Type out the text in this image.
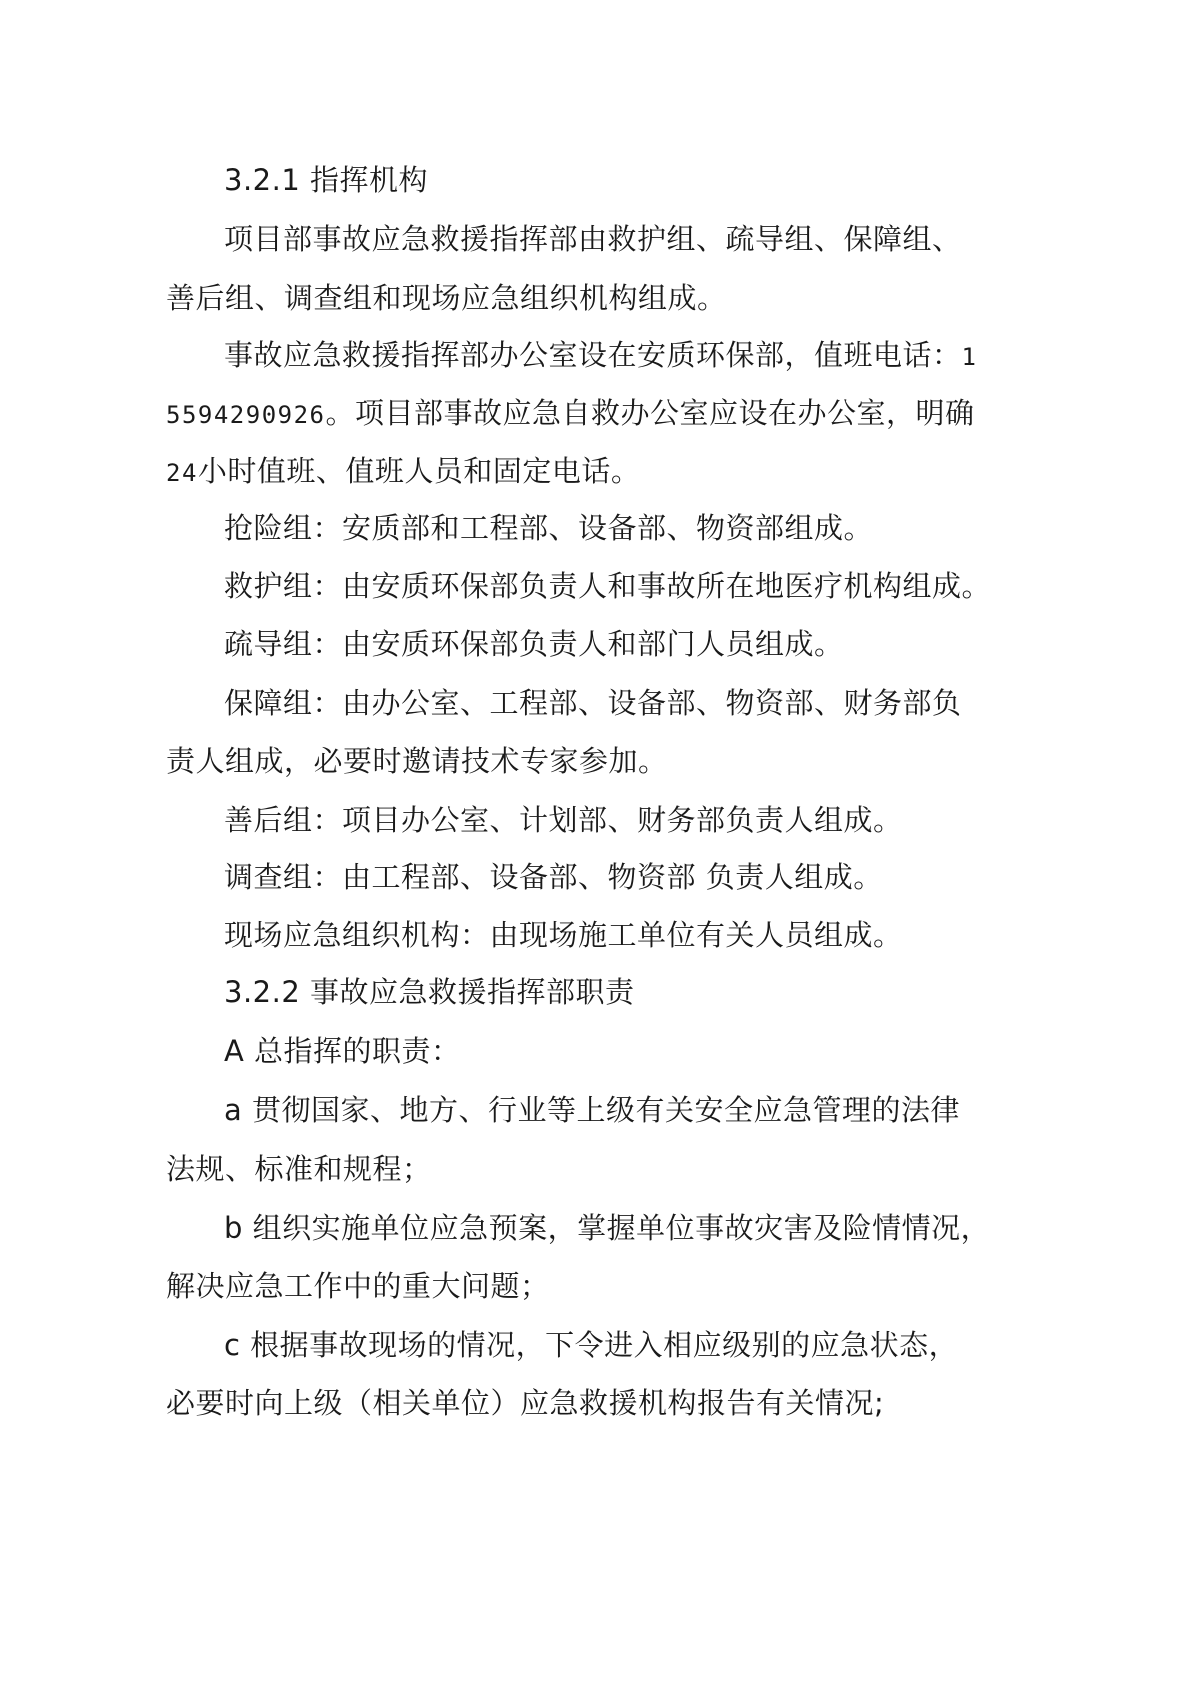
3.2.1 指挥机构
项目部事故应急救援指挥部由救护组、疏导组、保障组、
善后组、调查组和现场应急组织机构组成。
事故应急救援指挥部办公室设在安质环保部，值班电话：1
5594290926。项目部事故应急自救办公室应设在办公室，明确
24小时值班、值班人员和固定电话。
抢险组：安质部和工程部、设备部、物资部组成。
救护组：由安质环保部负责人和事故所在地医疗机构组成。
疏导组：由安质环保部负责人和部门人员组成。
保障组：由办公室、工程部、设备部、物资部、财务部负
责人组成，必要时邀请技术专家参加。
善后组：项目办公室、计划部、财务部负责人组成。
调查组：由工程部、设备部、物资部 负责人组成。
现场应急组织机构：由现场施工单位有关人员组成。
3.2.2 事故应急救援指挥部职责
A 总指挥的职责：
a 贯彻国家、地方、行业等上级有关安全应急管理的法律
法规、标准和规程；
b 组织实施单位应急预案，掌握单位事故灾害及险情情况，
解决应急工作中的重大问题；
c 根据事故现场的情况，下令进入相应级别的应急状态，
必要时向上级（相关单位）应急救援机构报告有关情况;
